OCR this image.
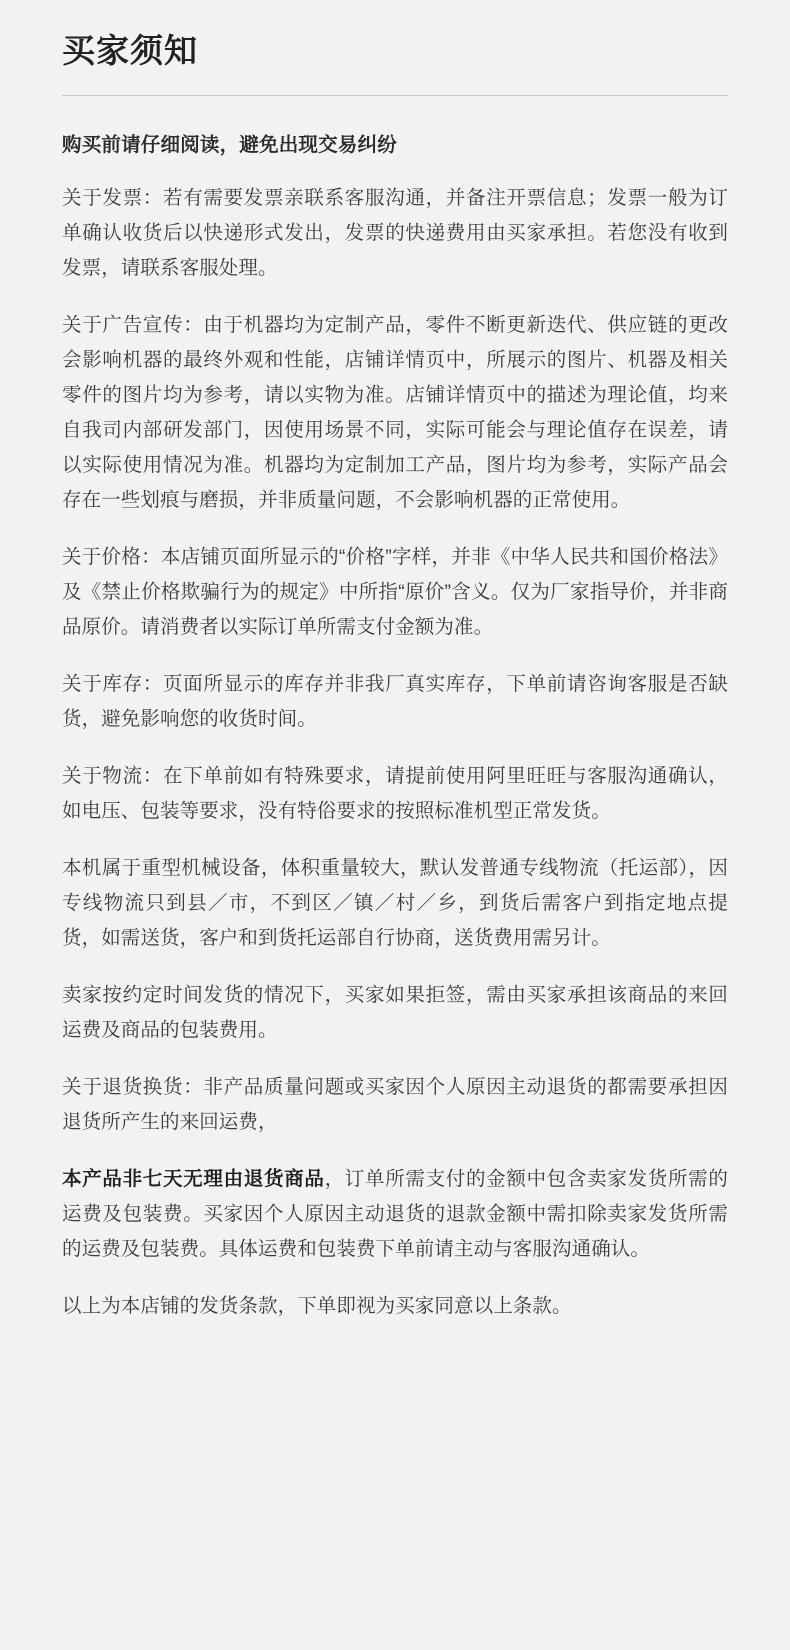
买家须知
购买前请仔细阅读，避免出现交易纠纷

关于发票：若有需要发票亲联系客服沟通，并备注开票信息；发票一般为订单确认收货后以快递形式发出，发票的快递费用由买家承担。若您没有收到发票，请联系客服处理。

关于广告宣传：由于机器均为定制产品，零件不断更新迭代、供应链的更改会影响机器的最终外观和性能，店铺详情页中，所展示的图片、机器及相关零件的图片均为参考，请以实物为准。店铺详情页中的描述为理论值，均来自我司内部研发部门，因使用场景不同，实际可能会与理论值存在误差，请以实际使用情况为准。机器均为定制加工产品，图片均为参考，实际产品会存在一些划痕与磨损，并非质量问题，不会影响机器的正常使用。

关于价格：本店铺页面所显示的“价格”字样，并非《中华人民共和国价格法》及《禁止价格欺骗行为的规定》中所指“原价”含义。仅为厂家指导价，并非商品原价。请消费者以实际订单所需支付金额为准。

关于库存：页面所显示的库存并非我厂真实库存，下单前请咨询客服是否缺货，避免影响您的收货时间。

关于物流：在下单前如有特殊要求，请提前使用阿里旺旺与客服沟通确认，如电压、包装等要求，没有特俗要求的按照标准机型正常发货。

本机属于重型机械设备，体积重量较大，默认发普通专线物流（托运部），因专线物流只到县／市，不到区／镇／村／乡，到货后需客户到指定地点提货，如需送货，客户和到货托运部自行协商，送货费用需另计。

卖家按约定时间发货的情况下，买家如果拒签，需由买家承担该商品的来回运费及商品的包装费用。

关于退货换货：非产品质量问题或买家因个人原因主动退货的都需要承担因退货所产生的来回运费，

本产品非七天无理由退货商品，订单所需支付的金额中包含卖家发货所需的运费及包装费。买家因个人原因主动退货的退款金额中需扣除卖家发货所需的运费及包装费。具体运费和包装费下单前请主动与客服沟通确认。

以上为本店铺的发货条款，下单即视为买家同意以上条款。
